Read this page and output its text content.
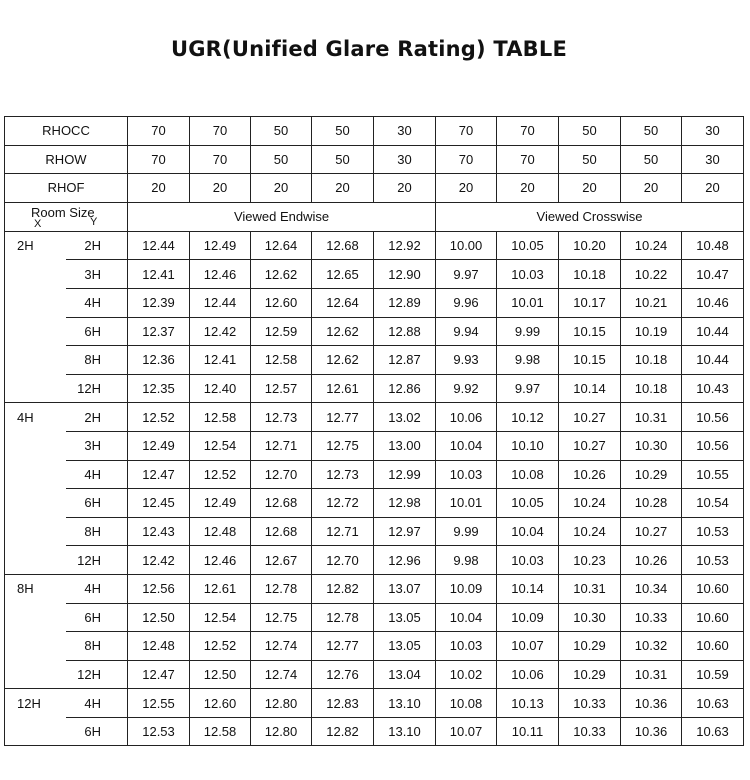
UGR(Unified Glare Rating) TABLE
RHOCC		70	70	50	50	30	70	70	50	50	30
RHOW		70	70	50	50	30	70	70	50	50	30
RHOF		20	20	20	20	20	20	20	20	20	20

Room Size
X Y		Viewed Endwise					Viewed Crosswise				
2H	2H	12.44	12.49	12.64	12.68	12.92	10.00	10.05	10.20	10.24	10.48
	3H	12.41	12.46	12.62	12.65	12.90	9.97	10.03	10.18	10.22	10.47
	4H	12.39	12.44	12.60	12.64	12.89	9.96	10.01	10.17	10.21	10.46
	6H	12.37	12.42	12.59	12.62	12.88	9.94	9.99	10.15	10.19	10.44
	8H	12.36	12.41	12.58	12.62	12.87	9.93	9.98	10.15	10.18	10.44
	12H	12.35	12.40	12.57	12.61	12.86	9.92	9.97	10.14	10.18	10.43
4H	2H	12.52	12.58	12.73	12.77	13.02	10.06	10.12	10.27	10.31	10.56
	3H	12.49	12.54	12.71	12.75	13.00	10.04	10.10	10.27	10.30	10.56
	4H	12.47	12.52	12.70	12.73	12.99	10.03	10.08	10.26	10.29	10.55
	6H	12.45	12.49	12.68	12.72	12.98	10.01	10.05	10.24	10.28	10.54
	8H	12.43	12.48	12.68	12.71	12.97	9.99	10.04	10.24	10.27	10.53
	12H	12.42	12.46	12.67	12.70	12.96	9.98	10.03	10.23	10.26	10.53
8H	4H	12.56	12.61	12.78	12.82	13.07	10.09	10.14	10.31	10.34	10.60
	6H	12.50	12.54	12.75	12.78	13.05	10.04	10.09	10.30	10.33	10.60
	8H	12.48	12.52	12.74	12.77	13.05	10.03	10.07	10.29	10.32	10.60
	12H	12.47	12.50	12.74	12.76	13.04	10.02	10.06	10.29	10.31	10.59
12H	4H	12.55	12.60	12.80	12.83	13.10	10.08	10.13	10.33	10.36	10.63
	6H	12.53	12.58	12.80	12.82	13.10	10.07	10.11	10.33	10.36	10.63
